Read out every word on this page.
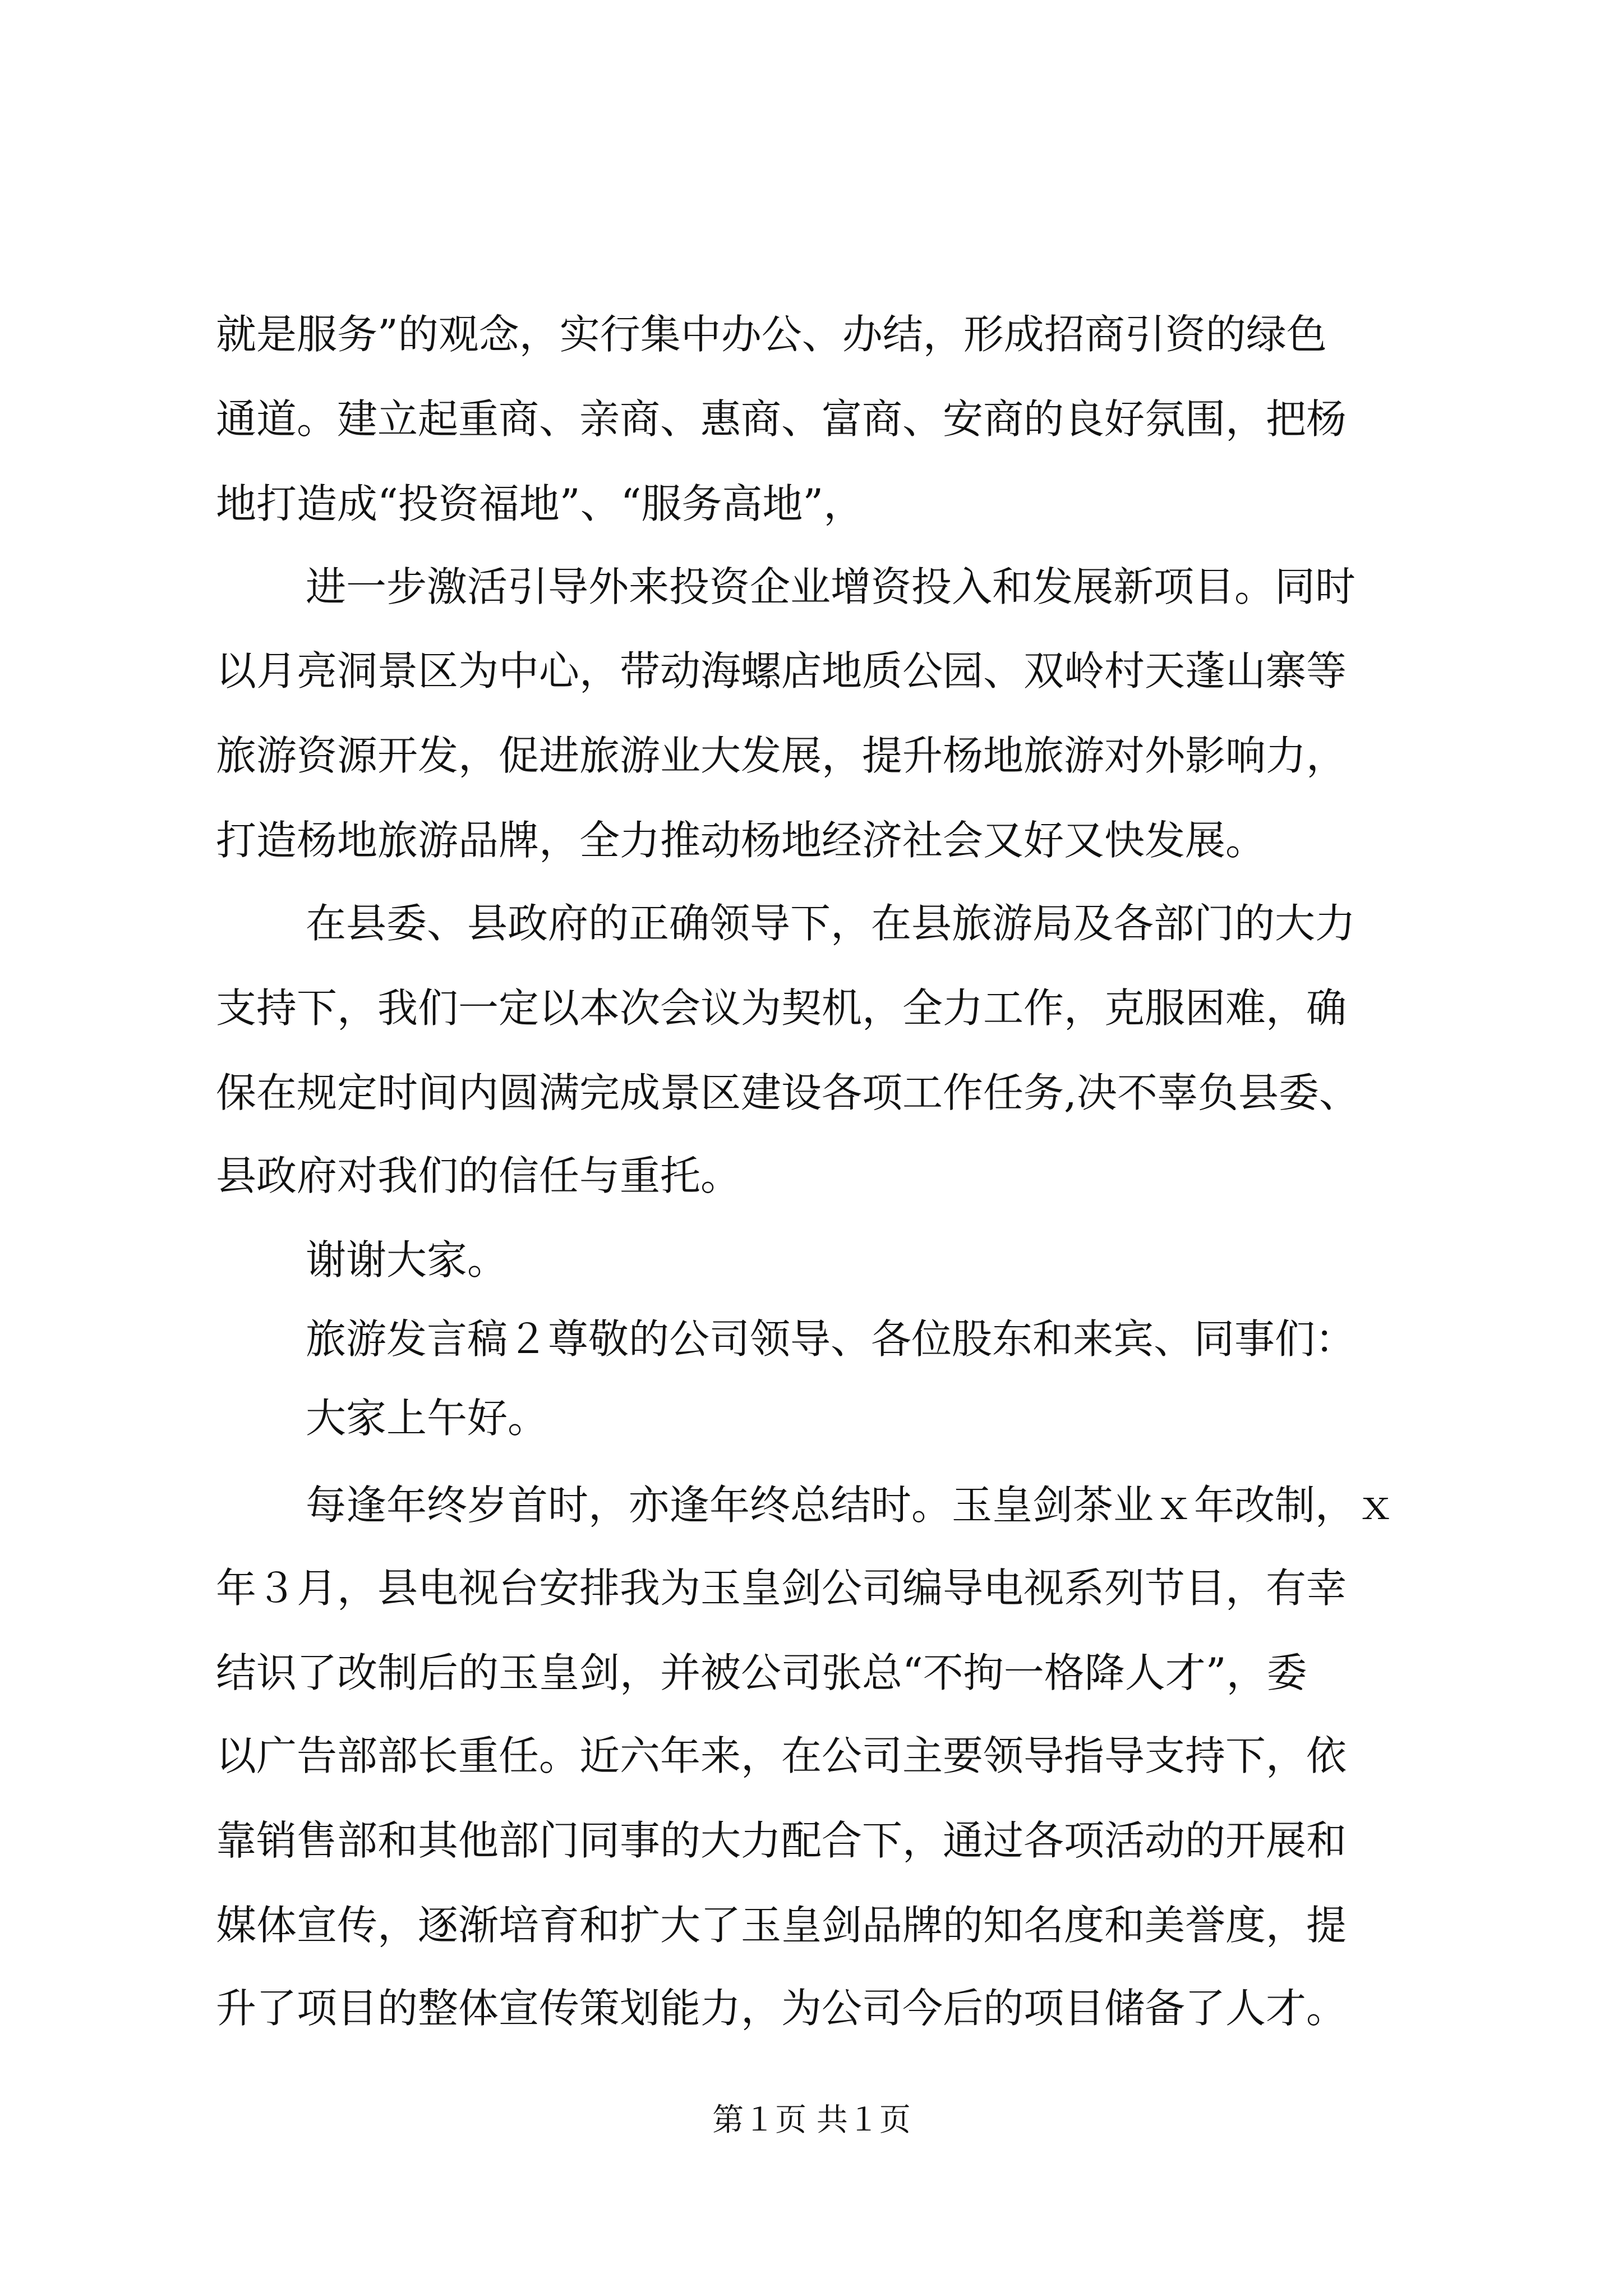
就是服务”的观念，实行集中办公、办结，形成招商引资的绿色
通道。建立起重商、亲商、惠商、富商、安商的良好氛围，把杨
地打造成“投资福地”、“服务高地”，
进一步激活引导外来投资企业增资投入和发展新项目。同时
以月亮洞景区为中心，带动海螺店地质公园、双岭村天蓬山寨等
旅游资源开发，促进旅游业大发展，提升杨地旅游对外影响力，
打造杨地旅游品牌，全力推动杨地经济社会又好又快发展。
在县委、县政府的正确领导下，在县旅游局及各部门的大力
支持下，我们一定以本次会议为契机，全力工作，克服困难，确
保在规定时间内圆满完成景区建设各项工作任务,决不辜负县委、
县政府对我们的信任与重托。
谢谢大家。
旅游发言稿２尊敬的公司领导、各位股东和来宾、同事们：
大家上午好。
每逢年终岁首时，亦逢年终总结时。玉皇剑茶业ｘ年改制，ｘ
年３月，县电视台安排我为玉皇剑公司编导电视系列节目，有幸
结识了改制后的玉皇剑，并被公司张总“不拘一格降人才”，委
以广告部部长重任。近六年来，在公司主要领导指导支持下，依
靠销售部和其他部门同事的大力配合下，通过各项活动的开展和
媒体宣传，逐渐培育和扩大了玉皇剑品牌的知名度和美誉度，提
升了项目的整体宣传策划能力，为公司今后的项目储备了人才。
第１页 共１页
